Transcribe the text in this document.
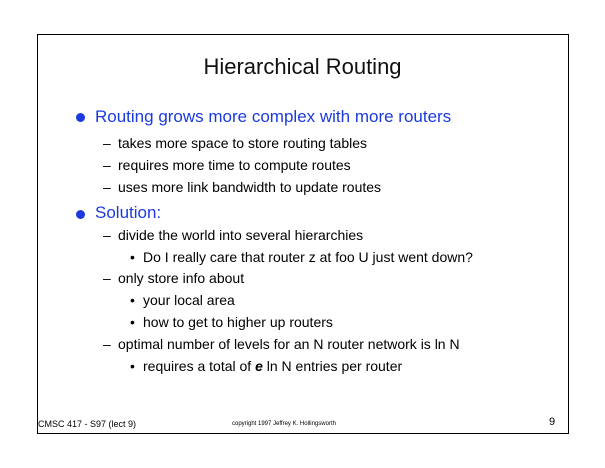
Hierarchical Routing
Routing grows more complex with more routers
– takes more space to store routing tables
– requires more time to compute routes
– uses more link bandwidth to update routes
Solution:
– divide the world into several hierarchies
• Do I really care that router z at foo U just went down?
– only store info about
• your local area
• how to get to higher up routers
– optimal number of levels for an N router network is ln N
• requires a total of e ln N entries per router
CMSC 417 - S97 (lect 9)	copyright 1997 Jeffrey K. Hollingsworth	9
